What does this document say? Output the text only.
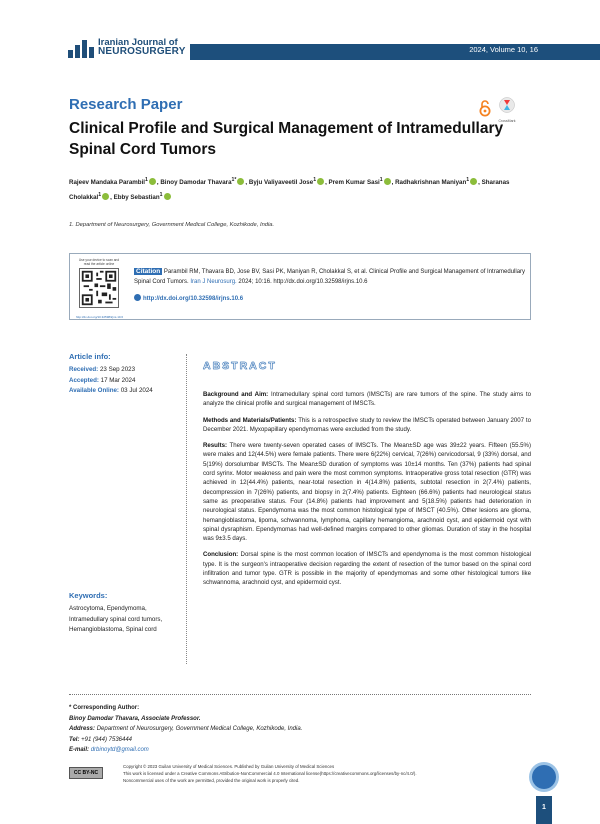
Iranian Journal of
NEUROSURGERY	2024, Volume 10, 16
Research Paper
Clinical Profile and Surgical Management of Intramedullary Spinal Cord Tumors
CrossMark
Rajeev Mandaka Parambil$^1$ , Binoy Damodar Thavara$^{1*}$ , Byju Valiyaveetil Jose$^1$ , Prem Kumar Sasi$^1$ , Radhakrishnan Maniyan$^1$ , Sharanas Cholakkal$^1$ , Ebby Sebastian$^1$
1. Department of Neurosurgery, Government Medical College, Kozhikode, India.
Use your device to scan and read the article online
http://dx.doi.org/10.32598/irjns.10.6
Citation Parambil RM, Thavara BD, Jose BV, Sasi PK, Maniyan R, Cholakkal S, et al. Clinical Profile and Surgical Management of Intramedullary Spinal Cord Tumors. Iran J Neurosurg. 2024; 10:16. http://dx.doi.org/10.32598/irjns.10.6
http://dx.doi.org/10.32598/irjns.10.6
Article info:
Received: 23 Sep 2023
Accepted: 17 Mar 2024
Available Online: 03 Jul 2024
Keywords:
Astrocytoma, Ependymoma, Intramedullary spinal cord tumors, Hemangioblastoma, Spinal cord
ABSTRACT

Background and Aim: Intramedullary spinal cord tumors (IMSCTs) are rare tumors of the spine. The study aims to analyze the clinical profile and surgical management of IMSCTs.

Methods and Materials/Patients: This is a retrospective study to review the IMSCTs operated between January 2007 to December 2021. Myxopapillary ependymomas were excluded from the study.

Results: There were twenty-seven operated cases of IMSCTs. The Mean±SD age was 39±22 years. Fifteen (55.5%) were males and 12(44.5%) were female patients. There were 6(22%) cervical, 7(26%) cervicodorsal, 9 (33%) dorsal, and 5(19%) dorsolumbar IMSCTs. The Mean±SD duration of symptoms was 10±14 months. Ten (37%) patients had spinal cord syrinx. Motor weakness and pain were the most common symptoms. Intraoperative gross total resection (GTR) was achieved in 12(44.4%) patients, near-total resection in 4(14.8%) patients, subtotal resection in 2(7.4%) patients, decompression in 7(26%) patients, and biopsy in 2(7.4%) patients. Eighteen (66.6%) patients had neurological status same as preoperative status. Four (14.8%) patients had improvement and 5(18.5%) patients had deterioration in neurological status. Ependymoma was the most common histological type of IMSCT (40.5%). Other lesions are glioma, hemangioblastoma, lipoma, schwannoma, lymphoma, capillary hemangioma, arachnoid cyst, and epidermoid cyst with spinal dysraphism. Ependymomas had well-defined margins compared to other gliomas. Duration of stay in the hospital was 9±3.5 days.

Conclusion: Dorsal spine is the most common location of IMSCTs and ependymoma is the most common histological type. It is the surgeon's intraoperative decision regarding the extent of resection of the tumor based on the spinal cord infiltration and tumor type. GTR is possible in the majority of ependymomas and some other histological tumors like schwannoma, arachnoid cyst, and epidermoid cyst.

* Corresponding Author:
Binoy Damodar Thavara, Associate Professor.
Address: Department of Neurosurgery, Government Medical College, Kozhikode, India.
Tel: +91 (944) 7536444
E-mail: drbinoytd@gmail.com
CC BY-NC
Copyright © 2023 Guilan University of Medical Sciences. Published by Guilan University of Medical Sciences
This work is licensed under a Creative Commons Attribution-NonCommercial 4.0 International license(https://creativecommons.org/licenses/by-nc/4.0/).
Noncommercial uses of the work are permitted, provided the original work is properly cited.
1
